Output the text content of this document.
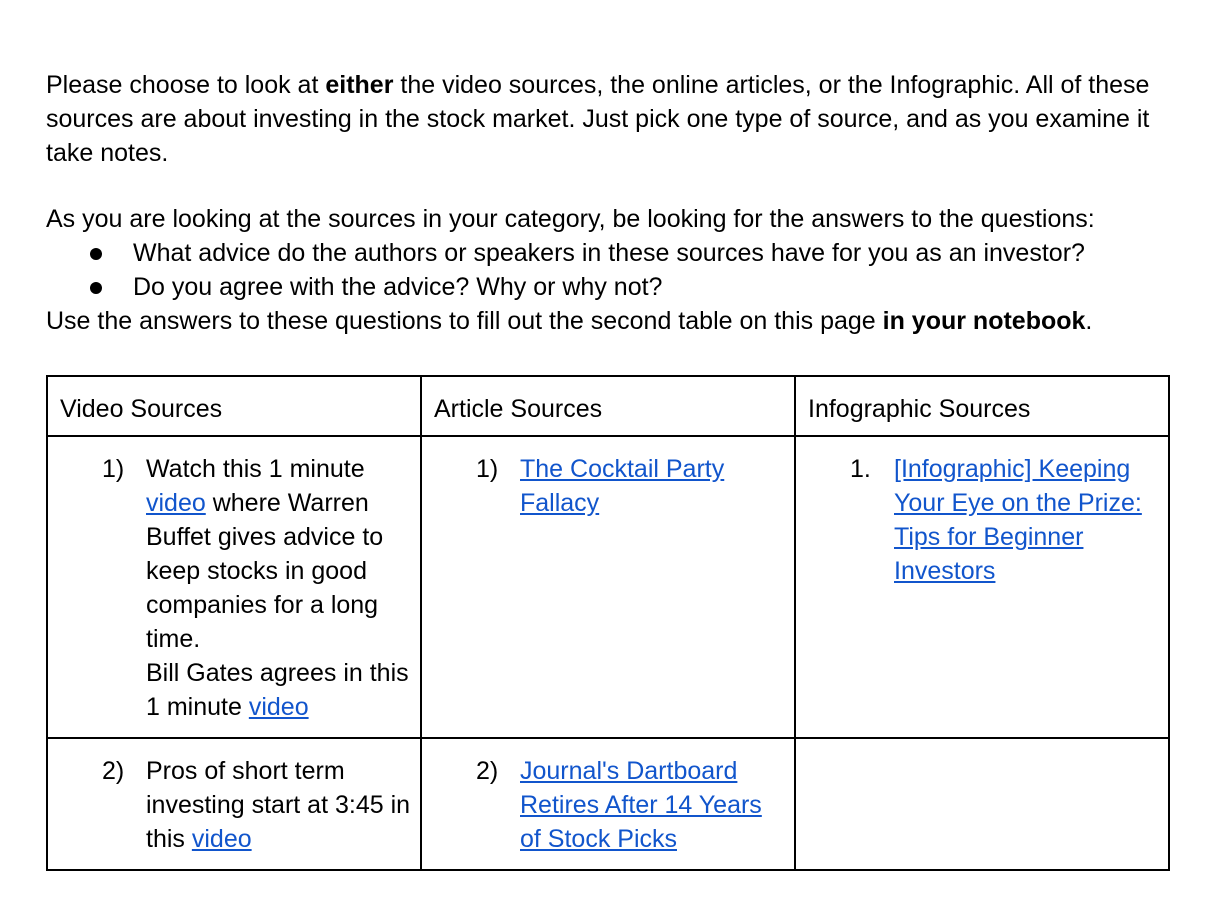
Please choose to look at either the video sources, the online articles, or the Infographic. All of these sources are about investing in the stock market. Just pick one type of source, and as you examine it take notes.

As you are looking at the sources in your category, be looking for the answers to the questions:

What advice do the authors or speakers in these sources have for you as an investor?
Do you agree with the advice? Why or why not?

Use the answers to these questions to fill out the second table on this page in your notebook.

Video Sources	Article Sources	Infographic Sources

1) Watch this 1 minute video where Warren Buffet gives advice to keep stocks in good companies for a long time.
Bill Gates agrees in this 1 minute video	1) The Cocktail Party Fallacy	1. [Infographic] Keeping Your Eye on the Prize: Tips for Beginner Investors

2) Pros of short term investing start at 3:45 in this video	2) Journal's Dartboard Retires After 14 Years of Stock Picks	
